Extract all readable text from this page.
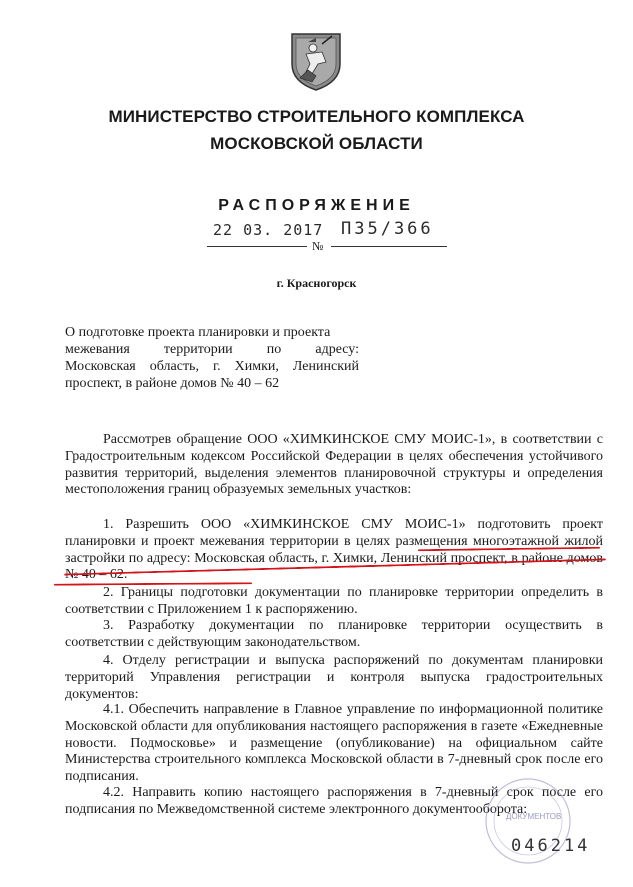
МИНИСТЕРСТВО СТРОИТЕЛЬНОГО КОМПЛЕКСА
МОСКОВСКОЙ ОБЛАСТИ
РАСПОРЯЖЕНИЕ
22 03. 2017 П35/366
№
г. Красногорск
О подготовке проекта планировки и проекта
межевания территории по адресу:
Московская область, г. Химки, Ленинский
проспект, в районе домов № 40 – 62

Рассмотрев обращение ООО «ХИМКИНСКОЕ СМУ МОИС-1», в соответствии с Градостроительным кодексом Российской Федерации в целях обеспечения устойчивого развития территорий, выделения элементов планировочной структуры и определения местоположения границ образуемых земельных участков:

1. Разрешить ООО «ХИМКИНСКОЕ СМУ МОИС-1» подготовить проект планировки и проект межевания территории в целях размещения многоэтажной жилой застройки по адресу: Московская область, г. Химки, Ленинский проспект, в районе домов № 40 – 62.

2. Границы подготовки документации по планировке территории определить в соответствии с Приложением 1 к распоряжению.

3. Разработку документации по планировке территории осуществить в соответствии с действующим законодательством.

4. Отделу регистрации и выпуска распоряжений по документам планировки территорий Управления регистрации и контроля выпуска градостроительных документов:

4.1. Обеспечить направление в Главное управление по информационной политике Московской области для опубликования настоящего распоряжения в газете «Ежедневные новости. Подмосковье» и размещение (опубликование) на официальном сайте Министерства строительного комплекса Московской области в 7-дневный срок после его подписания.

4.2. Направить копию настоящего распоряжения в 7-дневный срок после его подписания по Межведомственной системе электронного документооборота:

ДОКУМЕНТОВ
046214
